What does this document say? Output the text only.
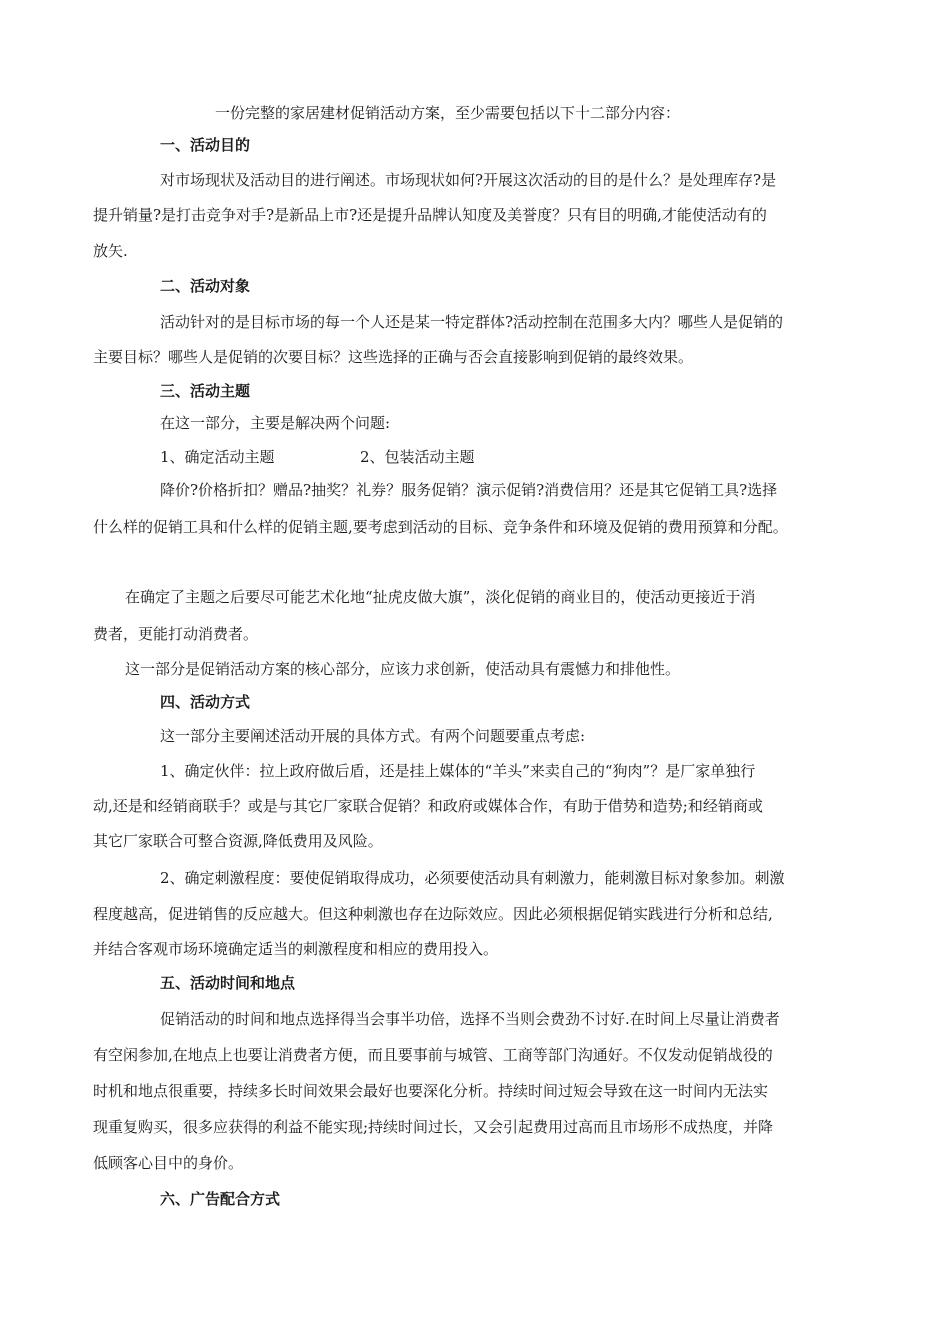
一份完整的家居建材促销活动方案，至少需要包括以下十二部分内容：

一、活动目的

对市场现状及活动目的进行阐述。市场现状如何?开展这次活动的目的是什么？是处理库存?是

提升销量?是打击竞争对手?是新品上市?还是提升品牌认知度及美誉度？只有目的明确,才能使活动有的

放矢.

二、活动对象

活动针对的是目标市场的每一个人还是某一特定群体?活动控制在范围多大内？哪些人是促销的

主要目标？哪些人是促销的次要目标？这些选择的正确与否会直接影响到促销的最终效果。

三、活动主题

在这一部分，主要是解决两个问题:

1、确定活动主题	2、包装活动主题

降价?价格折扣？赠品?抽奖？礼券？服务促销？演示促销?消费信用？还是其它促销工具?选择

什么样的促销工具和什么样的促销主题,要考虑到活动的目标、竞争条件和环境及促销的费用预算和分配。

在确定了主题之后要尽可能艺术化地“扯虎皮做大旗”，淡化促销的商业目的，使活动更接近于消

费者，更能打动消费者。

这一部分是促销活动方案的核心部分，应该力求创新，使活动具有震憾力和排他性。

四、活动方式

这一部分主要阐述活动开展的具体方式。有两个问题要重点考虑:

1、确定伙伴：拉上政府做后盾，还是挂上媒体的“羊头”来卖自己的“狗肉”？是厂家单独行

动,还是和经销商联手？或是与其它厂家联合促销？和政府或媒体合作，有助于借势和造势;和经销商或

其它厂家联合可整合资源,降低费用及风险。

2、确定刺激程度：要使促销取得成功，必须要使活动具有刺激力，能刺激目标对象参加。刺激

程度越高，促进销售的反应越大。但这种刺激也存在边际效应。因此必须根据促销实践进行分析和总结,

并结合客观市场环境确定适当的刺激程度和相应的费用投入。

五、活动时间和地点

促销活动的时间和地点选择得当会事半功倍，选择不当则会费劲不讨好.在时间上尽量让消费者

有空闲参加,在地点上也要让消费者方便，而且要事前与城管、工商等部门沟通好。不仅发动促销战役的

时机和地点很重要，持续多长时间效果会最好也要深化分析。持续时间过短会导致在这一时间内无法实

现重复购买，很多应获得的利益不能实现;持续时间过长，又会引起费用过高而且市场形不成热度，并降

低顾客心目中的身价。

六、广告配合方式
